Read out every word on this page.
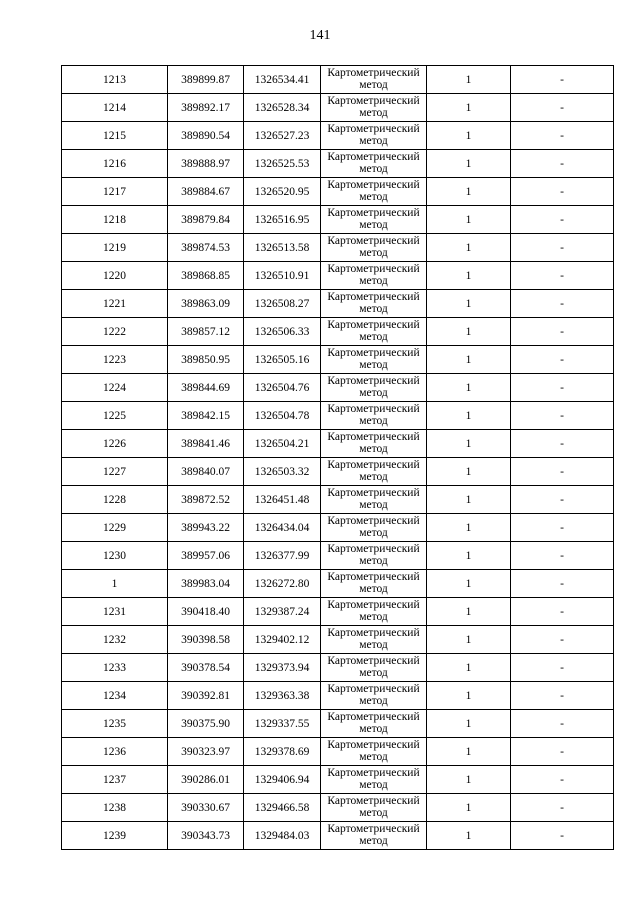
141
1213	389899.87	1326534.41	Картометрический
метод	1	-
1214	389892.17	1326528.34	Картометрический
метод	1	-
1215	389890.54	1326527.23	Картометрический
метод	1	-
1216	389888.97	1326525.53	Картометрический
метод	1	-
1217	389884.67	1326520.95	Картометрический
метод	1	-
1218	389879.84	1326516.95	Картометрический
метод	1	-
1219	389874.53	1326513.58	Картометрический
метод	1	-
1220	389868.85	1326510.91	Картометрический
метод	1	-
1221	389863.09	1326508.27	Картометрический
метод	1	-
1222	389857.12	1326506.33	Картометрический
метод	1	-
1223	389850.95	1326505.16	Картометрический
метод	1	-
1224	389844.69	1326504.76	Картометрический
метод	1	-
1225	389842.15	1326504.78	Картометрический
метод	1	-
1226	389841.46	1326504.21	Картометрический
метод	1	-
1227	389840.07	1326503.32	Картометрический
метод	1	-
1228	389872.52	1326451.48	Картометрический
метод	1	-
1229	389943.22	1326434.04	Картометрический
метод	1	-
1230	389957.06	1326377.99	Картометрический
метод	1	-
1	389983.04	1326272.80	Картометрический
метод	1	-
1231	390418.40	1329387.24	Картометрический
метод	1	-
1232	390398.58	1329402.12	Картометрический
метод	1	-
1233	390378.54	1329373.94	Картометрический
метод	1	-
1234	390392.81	1329363.38	Картометрический
метод	1	-
1235	390375.90	1329337.55	Картометрический
метод	1	-
1236	390323.97	1329378.69	Картометрический
метод	1	-
1237	390286.01	1329406.94	Картометрический
метод	1	-
1238	390330.67	1329466.58	Картометрический
метод	1	-
1239	390343.73	1329484.03	Картометрический
метод	1	-
